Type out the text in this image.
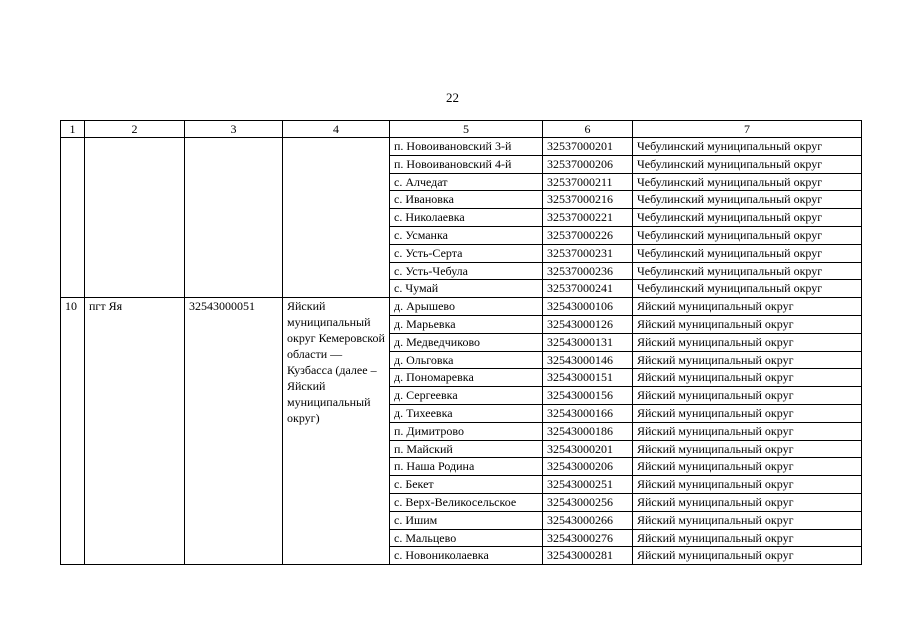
22
1	2	3	4	5	6	7
				п. Новоивановский 3-й	32537000201	Чебулинский муниципальный округ
				п. Новоивановский 4-й	32537000206	Чебулинский муниципальный округ
				с. Алчедат	32537000211	Чебулинский муниципальный округ
				с. Ивановка	32537000216	Чебулинский муниципальный округ
				с. Николаевка	32537000221	Чебулинский муниципальный округ
				с. Усманка	32537000226	Чебулинский муниципальный округ
				с. Усть-Серта	32537000231	Чебулинский муниципальный округ
				с. Усть-Чебула	32537000236	Чебулинский муниципальный округ
				с. Чумай	32537000241	Чебулинский муниципальный округ
10	пгт Яя	32543000051	Яйский муниципальный округ Кемеровской области — Кузбасса (далее – Яйский муниципальный округ)	д. Арышево	32543000106	Яйский муниципальный округ
				д. Марьевка	32543000126	Яйский муниципальный округ
				д. Медведчиково	32543000131	Яйский муниципальный округ
				д. Ольговка	32543000146	Яйский муниципальный округ
				д. Пономаревка	32543000151	Яйский муниципальный округ
				д. Сергеевка	32543000156	Яйский муниципальный округ
				д. Тихеевка	32543000166	Яйский муниципальный округ
				п. Димитрово	32543000186	Яйский муниципальный округ
				п. Майский	32543000201	Яйский муниципальный округ
				п. Наша Родина	32543000206	Яйский муниципальный округ
				с. Бекет	32543000251	Яйский муниципальный округ
				с. Верх-Великосельское	32543000256	Яйский муниципальный округ
				с. Ишим	32543000266	Яйский муниципальный округ
				с. Мальцево	32543000276	Яйский муниципальный округ
				с. Новониколаевка	32543000281	Яйский муниципальный округ
